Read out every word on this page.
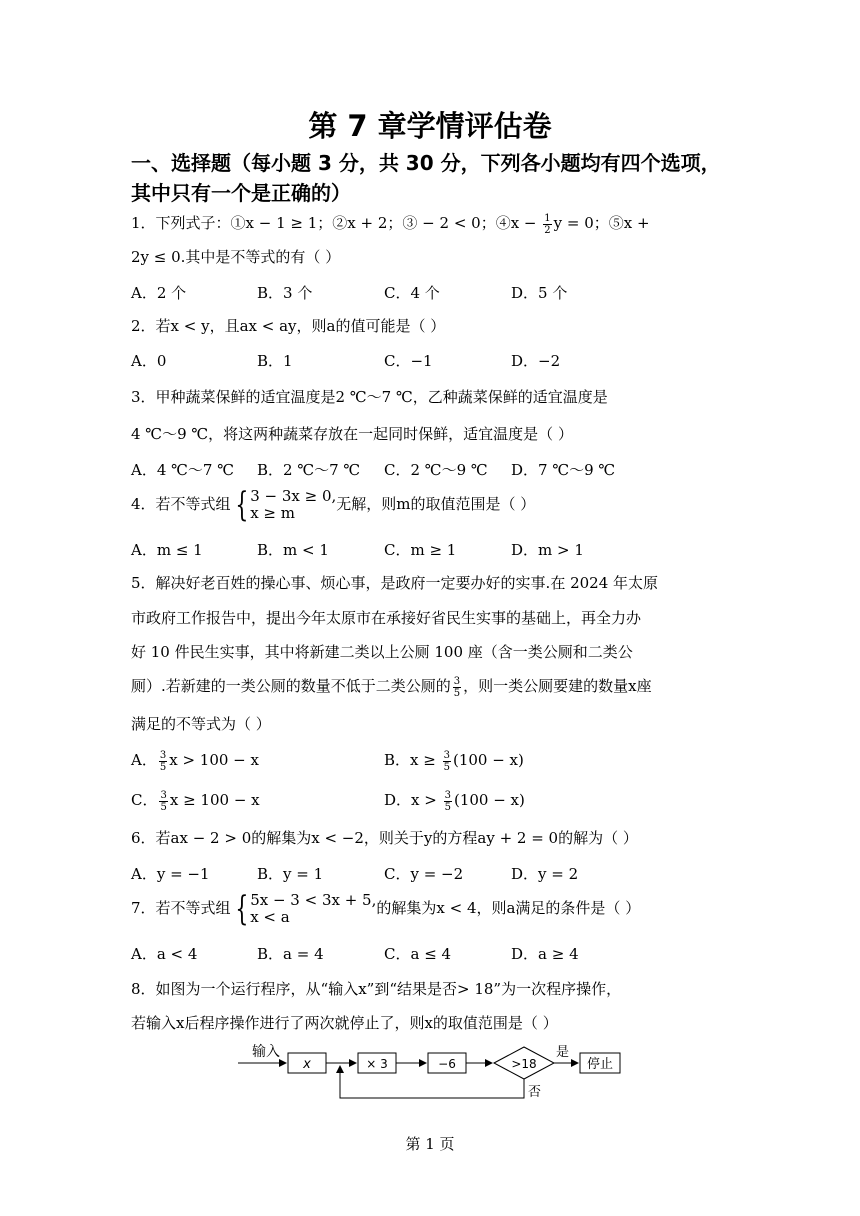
第 7 章学情评估卷
一、选择题（每小题 3 分，共 30 分，下列各小题均有四个选项，其中只有一个是正确的）
1．下列式子：①x − 1 ≥ 1；②x + 2；③ − 2 < 0；④x − $\frac{1}{2}$ y = 0；⑤x +
2y ≤ 0.其中是不等式的有（ ）
A．2 个	B．3 个	C．4 个	D．5 个
2．若x < y，且ax < ay，则a的值可能是（ ）
A．0	B．1	C．−1	D．−2
3．甲种蔬菜保鲜的适宜温度是2 ℃～7 ℃，乙种蔬菜保鲜的适宜温度是
4 ℃～9 ℃，将这两种蔬菜存放在一起同时保鲜，适宜温度是（ ）
A．4 ℃～7 ℃ B．2 ℃～7 ℃ C．2 ℃～9 ℃ D．7 ℃～9 ℃
4．若不等式组 { 3 − 3x ≥ 0,
x ≥ m	无解，则m的取值范围是（ ）
A．m ≤ 1	B．m < 1	C．m ≥ 1	D．m > 1
5．解决好老百姓的操心事、烦心事，是政府一定要办好的实事.在 2024 年太原
市政府工作报告中，提出今年太原市在承接好省民生实事的基础上，再全力办
好 10 件民生实事，其中将新建二类以上公厕 100 座（含一类公厕和二类公
厕）.若新建的一类公厕的数量不低于二类公厕的 $\frac{3}{5}$ ，则一类公厕要建的数量x座
满足的不等式为（ ）
A． $\frac{3}{5}$ x > 100 − x	B．$x \ge \frac{3}{5} (100 - x)$
C． $\frac{3}{5}$ x ≥ 100 − x	D．$x > \frac{3}{5} (100 - x)$
6．若ax − 2 > 0的解集为x < −2，则关于y的方程ay + 2 = 0的解为（ ）
A．y = −1	B．y = 1	C．y = −2	D．y = 2
7．若不等式组 { 5x − 3 < 3x + 5,
x < a	的解集为x < 4，则a满足的条件是（ ）
A．a < 4	B．a = 4	C．a ≤ 4	D．a ≥ 4
8．如图为一个运行程序，从“输入x”到“结果是否> 18”为一次程序操作，
若输入x后程序操作进行了两次就停止了，则x的取值范围是（ ）
输入
x	× 3	−6	>18
是
停止
否
第 1 页
